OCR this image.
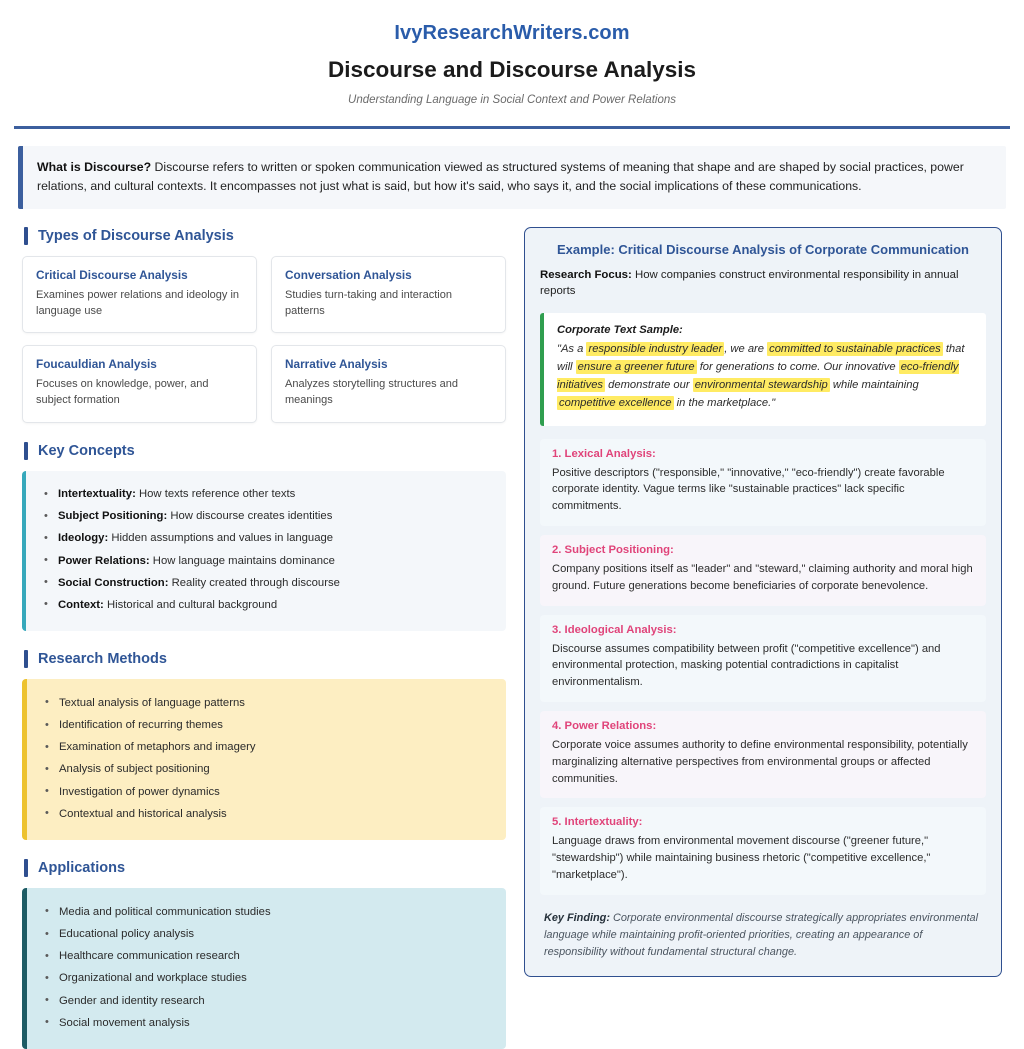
IvyResearchWriters.com
Discourse and Discourse Analysis
Understanding Language in Social Context and Power Relations
What is Discourse? Discourse refers to written or spoken communication viewed as structured systems of meaning that shape and are shaped by social practices, power relations, and cultural contexts. It encompasses not just what is said, but how it's said, who says it, and the social implications of these communications.
Types of Discourse Analysis
Critical Discourse Analysis
Examines power relations and ideology in language use
Conversation Analysis
Studies turn-taking and interaction patterns
Foucauldian Analysis
Focuses on knowledge, power, and subject formation
Narrative Analysis
Analyzes storytelling structures and meanings
Key Concepts
• Intertextuality: How texts reference other texts
• Subject Positioning: How discourse creates identities
• Ideology: Hidden assumptions and values in language
• Power Relations: How language maintains dominance
• Social Construction: Reality created through discourse
• Context: Historical and cultural background
Research Methods
• Textual analysis of language patterns
• Identification of recurring themes
• Examination of metaphors and imagery
• Analysis of subject positioning
• Investigation of power dynamics
• Contextual and historical analysis
Applications
• Media and political communication studies
• Educational policy analysis
• Healthcare communication research
• Organizational and workplace studies
• Gender and identity research
• Social movement analysis
Example: Critical Discourse Analysis of Corporate Communication
Research Focus: How companies construct environmental responsibility in annual reports
Corporate Text Sample:
"As a responsible industry leader , we are committed to sustainable practices that will ensure a greener future for generations to come. Our innovative eco-friendly initiatives demonstrate our environmental stewardship while maintaining competitive excellence in the marketplace."
1. Lexical Analysis:
Positive descriptors ("responsible," "innovative," "eco-friendly") create favorable corporate identity. Vague terms like "sustainable practices" lack specific commitments.
2. Subject Positioning:
Company positions itself as "leader" and "steward," claiming authority and moral high ground. Future generations become beneficiaries of corporate benevolence.
3. Ideological Analysis:
Discourse assumes compatibility between profit ("competitive excellence") and environmental protection, masking potential contradictions in capitalist environmentalism.
4. Power Relations:
Corporate voice assumes authority to define environmental responsibility, potentially marginalizing alternative perspectives from environmental groups or affected communities.
5. Intertextuality:
Language draws from environmental movement discourse ("greener future," "stewardship") while maintaining business rhetoric ("competitive excellence," "marketplace").
Key Finding: Corporate environmental discourse strategically appropriates environmental language while maintaining profit-oriented priorities, creating an appearance of responsibility without fundamental structural change.
